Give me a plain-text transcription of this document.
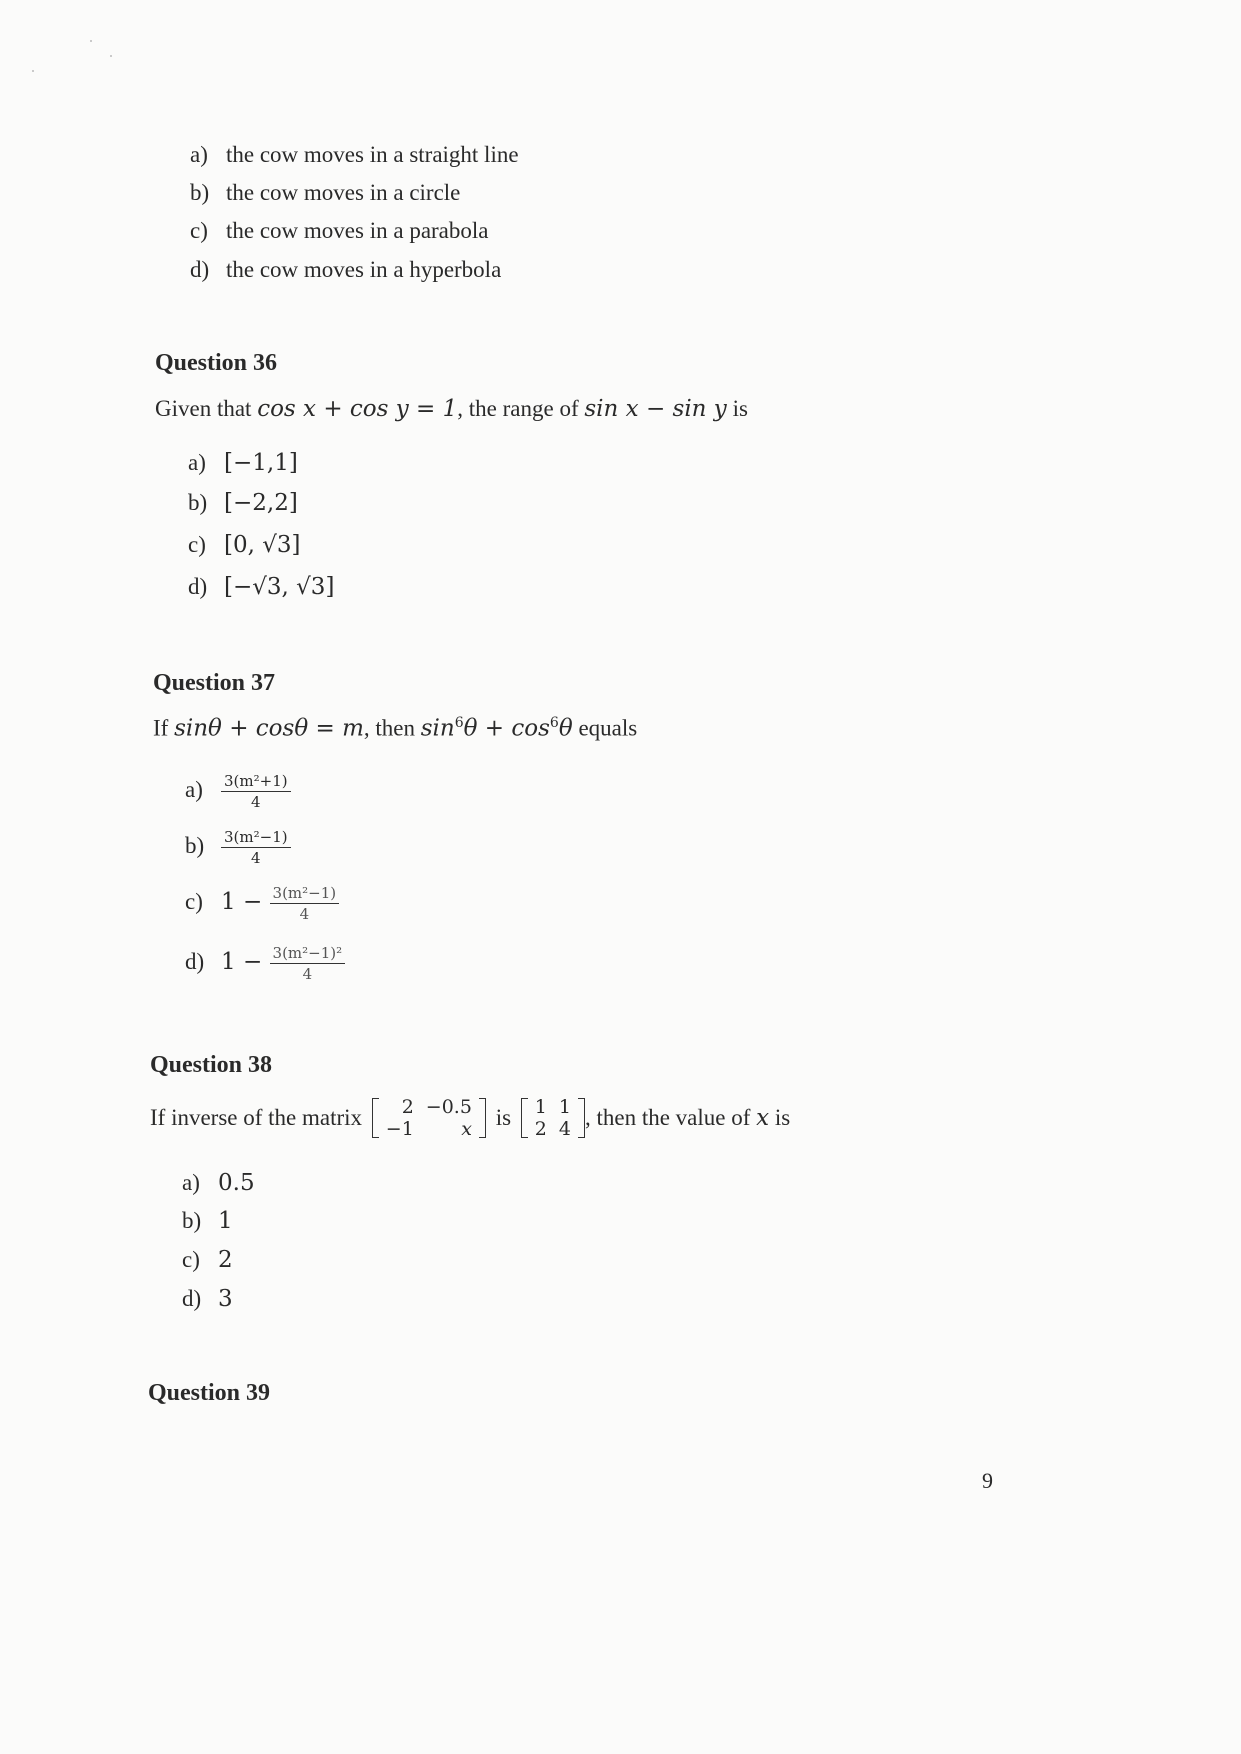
a) the cow moves in a straight line
b) the cow moves in a circle
c) the cow moves in a parabola
d) the cow moves in a hyperbola
Question 36
Given that cos x + cos y = 1, the range of sin x − sin y is
a) [−1,1]
b) [−2,2]
c) [0, √3]
d) [−√3, √3]
Question 37
If sinθ + cosθ = m, then $\sin^6\theta + \cos^6\theta$ equals
$a) \frac{\text{3(m²+1)}}{4}$
$b) \frac{\text{3(m²−1)}}{4}$
c) $1 - \frac{\text{3(m²−1)}}{4}$
d) $1 - \frac{\text{3(m²−1)²}}{4}$
Question 38
If inverse of the matrix 2	−0.5
−1	x is 1	1
2	4 , then the value of x is
a) 0.5
b) 1
c) 2
d) 3
Question 39
9
